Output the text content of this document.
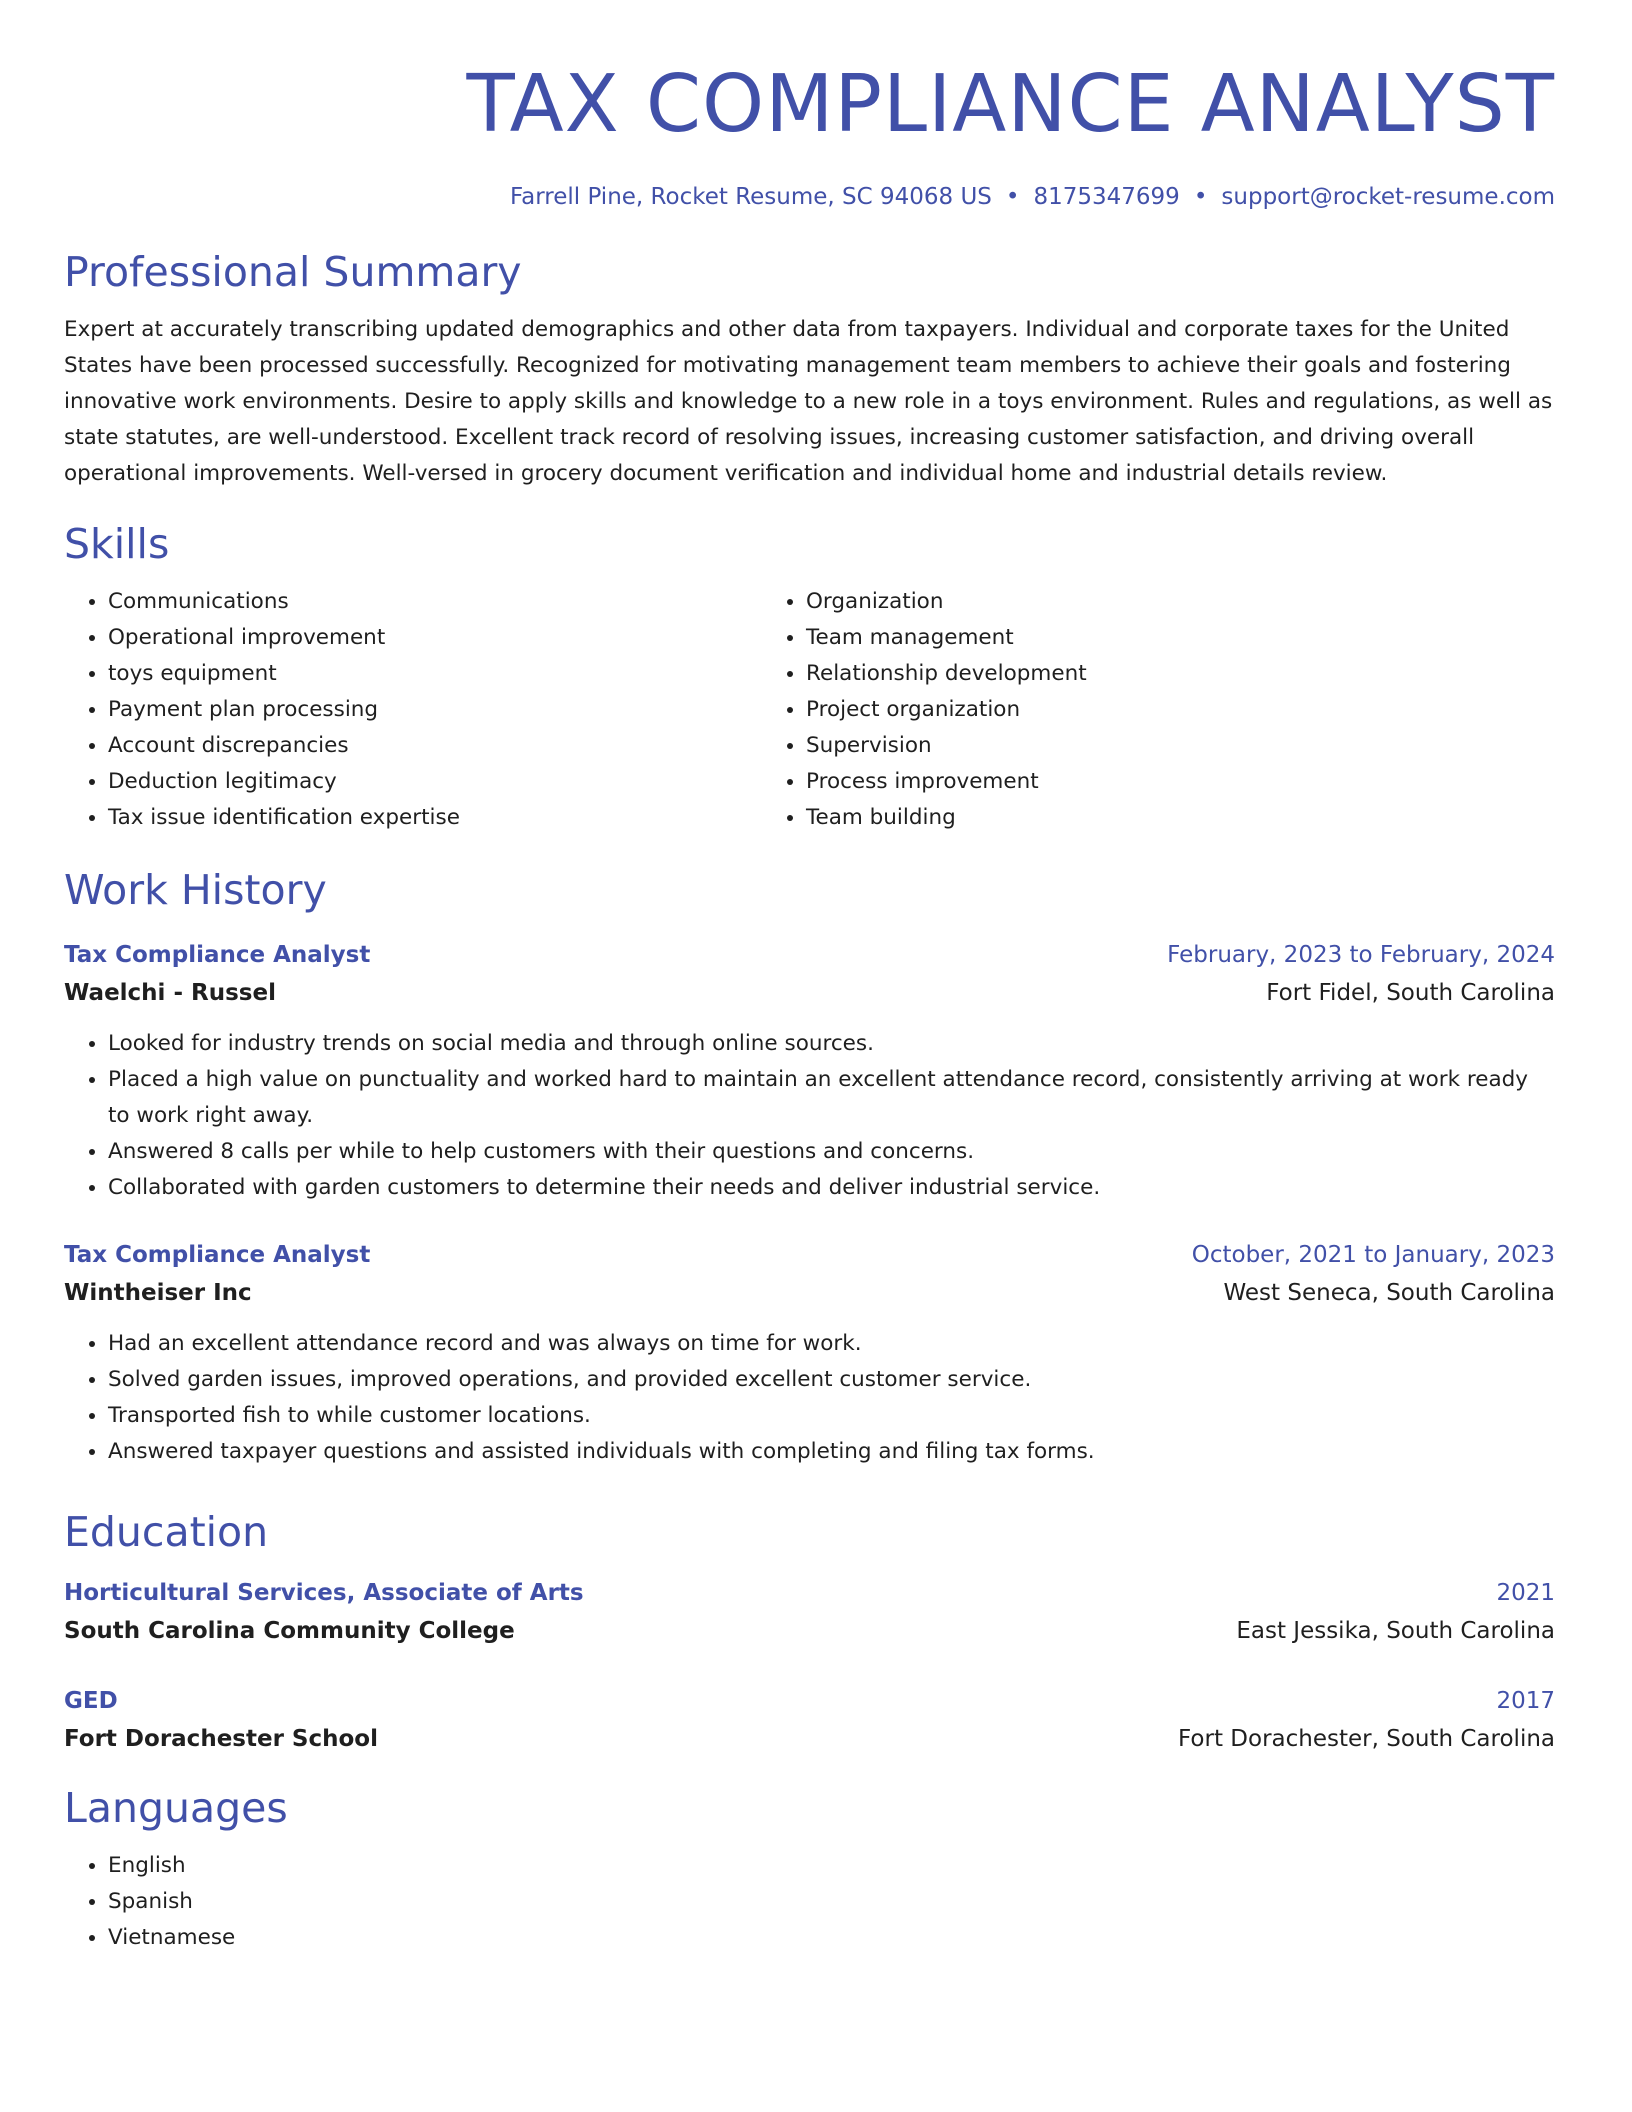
TAX COMPLIANCE ANALYST
Farrell Pine, Rocket Resume, SC 94068 US • 8175347699 • support@rocket-resume.com
Professional Summary

Expert at accurately transcribing updated demographics and other data from taxpayers. Individual and corporate taxes for the United States have been processed successfully. Recognized for motivating management team members to achieve their goals and fostering innovative work environments. Desire to apply skills and knowledge to a new role in a toys environment. Rules and regulations, as well as state statutes, are well-understood. Excellent track record of resolving issues, increasing customer satisfaction, and driving overall operational improvements. Well-versed in grocery document verification and individual home and industrial details review.

Skills
• Communications
• Operational improvement
• toys equipment
• Payment plan processing
• Account discrepancies
• Deduction legitimacy
• Tax issue identification expertise
• Organization
• Team management
• Relationship development
• Project organization
• Supervision
• Process improvement
• Team building
Work History
Tax Compliance Analyst	February, 2023 to February, 2024
Waelchi - Russel	Fort Fidel, South Carolina
• Looked for industry trends on social media and through online sources.
• Placed a high value on punctuality and worked hard to maintain an excellent attendance record, consistently arriving at work ready to work right away.
• Answered 8 calls per while to help customers with their questions and concerns.
• Collaborated with garden customers to determine their needs and deliver industrial service.
Tax Compliance Analyst	October, 2021 to January, 2023
Wintheiser Inc	West Seneca, South Carolina
• Had an excellent attendance record and was always on time for work.
• Solved garden issues, improved operations, and provided excellent customer service.
• Transported fish to while customer locations.
• Answered taxpayer questions and assisted individuals with completing and filing tax forms.
Education
Horticultural Services, Associate of Arts	2021
South Carolina Community College	East Jessika, South Carolina
GED	2017
Fort Dorachester School	Fort Dorachester, South Carolina
Languages
• English
• Spanish
• Vietnamese
